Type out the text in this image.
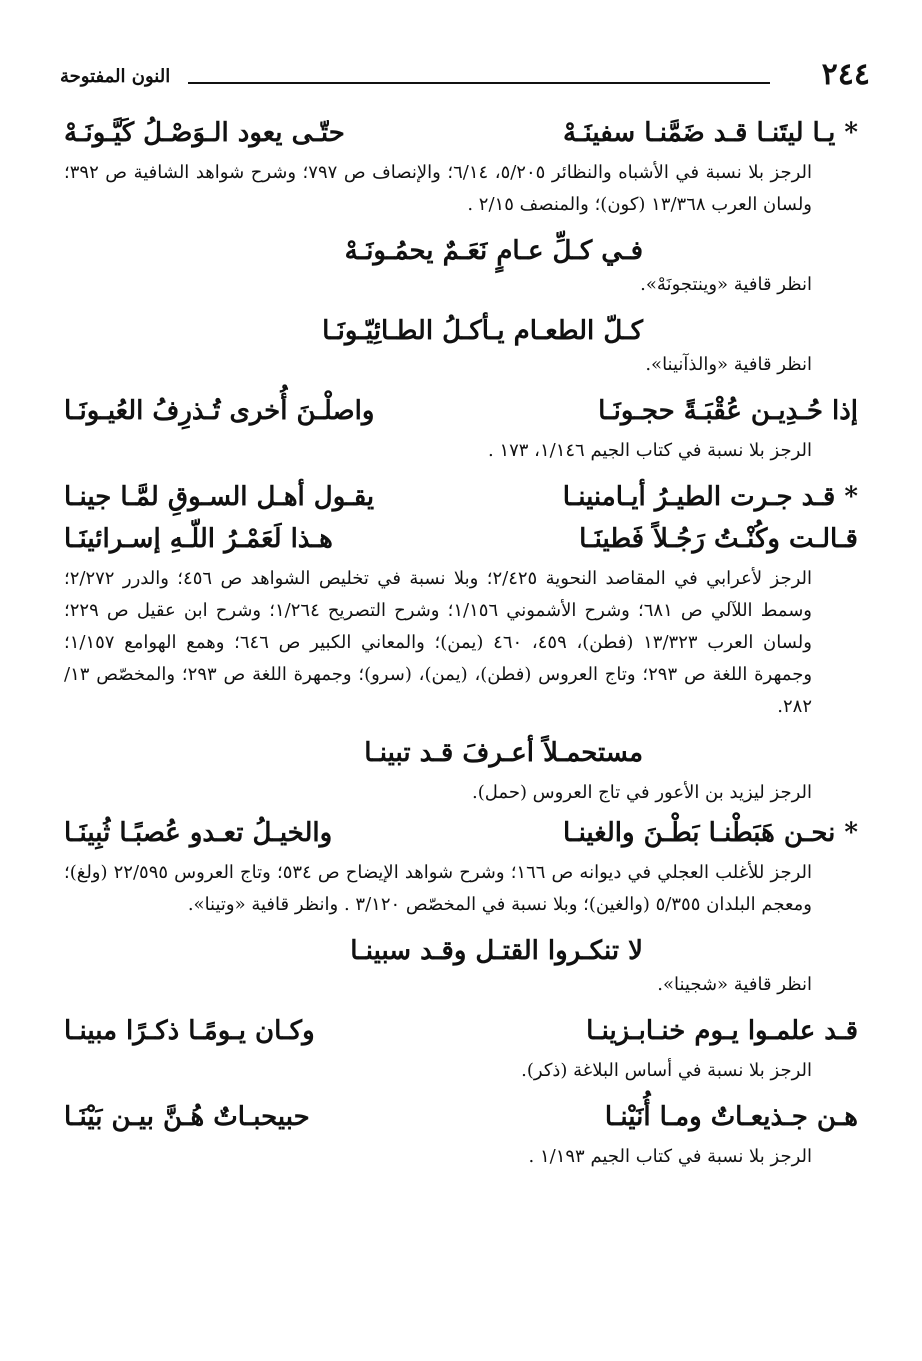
٢٤٤
النون المفتوحة
* يـا ليتَنـا قـد ضَمَّنـا سفينَـهْ
حتّـى يعود الـوَصْـلُ كَيَّـونَـهْ
الرجز بلا نسبة في الأشباه والنظائر ٥/٢٠٥، ٦/١٤؛ والإنصاف ص ٧٩٧؛ وشرح شواهد الشافية ص ٣٩٢؛ ولسان العرب ١٣/٣٦٨ (كون)؛ والمنصف ٢/١٥ .
فـي كـلِّ عـامٍ نَعَـمٌ يحمُـونَـهْ
انظر قافية «وينتجونَهْ».
كـلّ الطعـام يـأكـلُ الطـائِيّـونَـا
انظر قافية «والذآنينا».
إذا حُـدِيـن عُقْبَـةً حجـونَـا
واصلْـنَ أُخرى تُـذرِفُ العُيـونَـا
الرجز بلا نسبة في كتاب الجيم ١/١٤٦، ١٧٣ .
* قـد جـرت الطيـرُ أيـامنينـا
يقـول أهـل السـوقِ لمَّـا جينـا
قـالـت وكُنْـتُ رَجُـلاً فَطينَـا
هـذا لَعَمْـرُ اللّـهِ إسـرائينَـا
الرجز لأعرابي في المقاصد النحوية ٢/٤٢٥؛ وبلا نسبة في تخليص الشواهد ص ٤٥٦؛ والدرر ٢/٢٧٢؛ وسمط اللآلي ص ٦٨١؛ وشرح الأشموني ١/١٥٦؛ وشرح التصريح ١/٢٦٤؛ وشرح ابن عقيل ص ٢٢٩؛ ولسان العرب ١٣/٣٢٣ (فطن)، ٤٥٩، ٤٦٠ (يمن)؛ والمعاني الكبير ص ٦٤٦؛ وهمع الهوامع ١/١٥٧؛ وجمهرة اللغة ص ٢٩٣؛ وتاج العروس (فطن)، (يمن)، (سرو)؛ وجمهرة اللغة ص ٢٩٣؛ والمخصّص ١٣/ ٢٨٢.
مستحمـلاً أعـرفَ قـد تبينـا
الرجز ليزيد بن الأعور في تاج العروس (حمل).
* نحـن هَبَطْنـا بَطْـنَ والغينـا
والخيـلُ تعـدو عُصبًـا ثُبِينَـا
الرجز للأغلب العجلي في ديوانه ص ١٦٦؛ وشرح شواهد الإيضاح ص ٥٣٤؛ وتاج العروس ٢٢/٥٩٥ (ولغ)؛ ومعجم البلدان ٥/٣٥٥ (والغين)؛ وبلا نسبة في المخصّص ٣/١٢٠ . وانظر قافية «وتينا».
لا تنكـروا القتـل وقـد سبينـا
انظر قافية «شجينا».
قـد علمـوا يـوم خنـابـزينـا
وكـان يـومًـا ذكـرًا مبينـا
الرجز بلا نسبة في أساس البلاغة (ذكر).
هـن جـذيعـاتٌ ومـا أُنَيْنـا
حبيحبـاتٌ هُـنَّ بيـن بَيْنَـا
الرجز بلا نسبة في كتاب الجيم ١/١٩٣ .
